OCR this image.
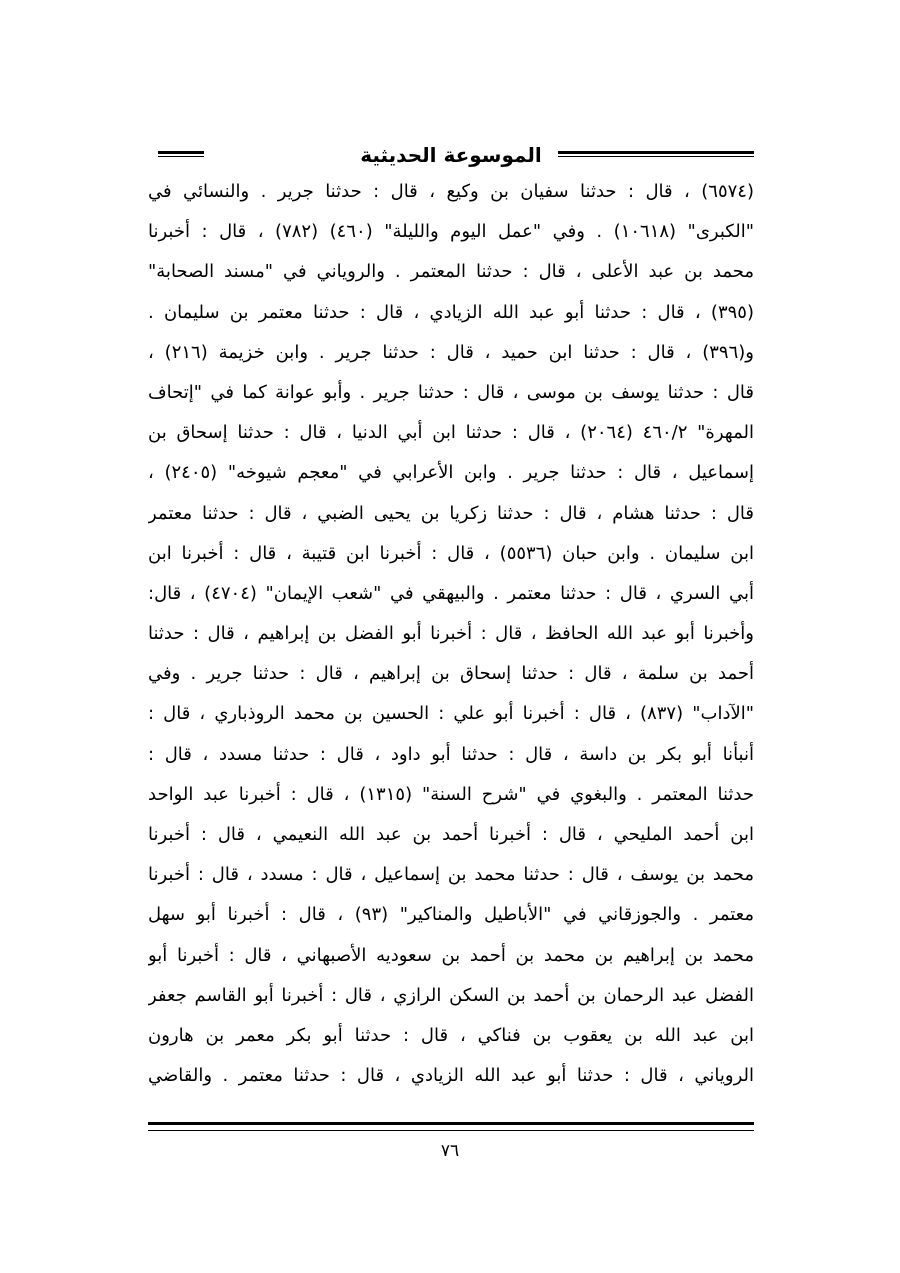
الموسوعة الحديثية
(٦٥٧٤) ، قال : حدثنا سفيان بن وكيع ، قال : حدثنا جرير . والنسائي في
"الكبرى" (١٠٦١٨) . وفي "عمل اليوم والليلة" (٤٦٠) (٧٨٢) ، قال : أخبرنا
محمد بن عبد الأعلى ، قال : حدثنا المعتمر . والروياني في "مسند الصحابة"
(٣٩٥) ، قال : حدثنا أبو عبد الله الزيادي ، قال : حدثنا معتمر بن سليمان .
و(٣٩٦) ، قال : حدثنا ابن حميد ، قال : حدثنا جرير . وابن خزيمة (٢١٦) ،
قال : حدثنا يوسف بن موسى ، قال : حدثنا جرير . وأبو عوانة كما في "إتحاف
المهرة" ٤٦٠/٢ (٢٠٦٤) ، قال : حدثنا ابن أبي الدنيا ، قال : حدثنا إسحاق بن
إسماعيل ، قال : حدثنا جرير . وابن الأعرابي في "معجم شيوخه" (٢٤٠٥) ،
قال : حدثنا هشام ، قال : حدثنا زكريا بن يحيى الضبي ، قال : حدثنا معتمر
ابن سليمان . وابن حبان (٥٥٣٦) ، قال : أخبرنا ابن قتيبة ، قال : أخبرنا ابن
أبي السري ، قال : حدثنا معتمر . والبيهقي في "شعب الإيمان" (٤٧٠٤) ، قال:
وأخبرنا أبو عبد الله الحافظ ، قال : أخبرنا أبو الفضل بن إبراهيم ، قال : حدثنا
أحمد بن سلمة ، قال : حدثنا إسحاق بن إبراهيم ، قال : حدثنا جرير . وفي
"الآداب" (٨٣٧) ، قال : أخبرنا أبو علي : الحسين بن محمد الروذباري ، قال :
أنبأنا أبو بكر بن داسة ، قال : حدثنا أبو داود ، قال : حدثنا مسدد ، قال :
حدثنا المعتمر . والبغوي في "شرح السنة" (١٣١٥) ، قال : أخبرنا عبد الواحد
ابن أحمد المليحي ، قال : أخبرنا أحمد بن عبد الله النعيمي ، قال : أخبرنا
محمد بن يوسف ، قال : حدثنا محمد بن إسماعيل ، قال : مسدد ، قال : أخبرنا
معتمر . والجوزقاني في "الأباطيل والمناكير" (٩٣) ، قال : أخبرنا أبو سهل
محمد بن إبراهيم بن محمد بن أحمد بن سعوديه الأصبهاني ، قال : أخبرنا أبو
الفضل عبد الرحمان بن أحمد بن السكن الرازي ، قال : أخبرنا أبو القاسم جعفر
ابن عبد الله بن يعقوب بن فناكي ، قال : حدثنا أبو بكر معمر بن هارون
الروياني ، قال : حدثنا أبو عبد الله الزيادي ، قال : حدثنا معتمر . والقاضي
٧٦
